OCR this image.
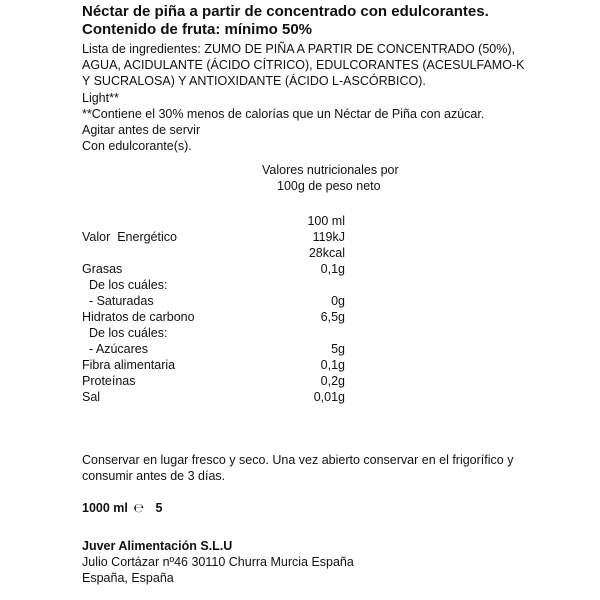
Néctar de piña a partir de concentrado con edulcorantes.
Contenido de fruta: mínimo 50%
Lista de ingredientes: ZUMO DE PIÑA A PARTIR DE CONCENTRADO (50%),
AGUA, ACIDULANTE (ÁCIDO CÍTRICO), EDULCORANTES (ACESULFAMO-K
Y SUCRALOSA) Y ANTIOXIDANTE (ÁCIDO L-ASCÓRBICO).
Light**
**Contiene el 30% menos de calorías que un Néctar de Piña con azúcar.
Agitar antes de servir
Con edulcorante(s).
Valores nutricionales por
100g de peso neto
100 ml
Valor  Energético	119kJ
28kcal
Grasas	0,1g
De los cuáles:
- Saturadas	0g
Hidratos de carbono	6,5g
De los cuáles:
- Azúcares	5g
Fibra alimentaria	0,1g
Proteínas	0,2g
Sal	0,01g
Conservar en lugar fresco y seco. Una vez abierto conservar en el frigorífico y
consumir antes de 3 días.
1000 ml ℮ 5
Juver Alimentación S.L.U
Julio Cortázar nº46 30110 Churra Murcia España
España, España
